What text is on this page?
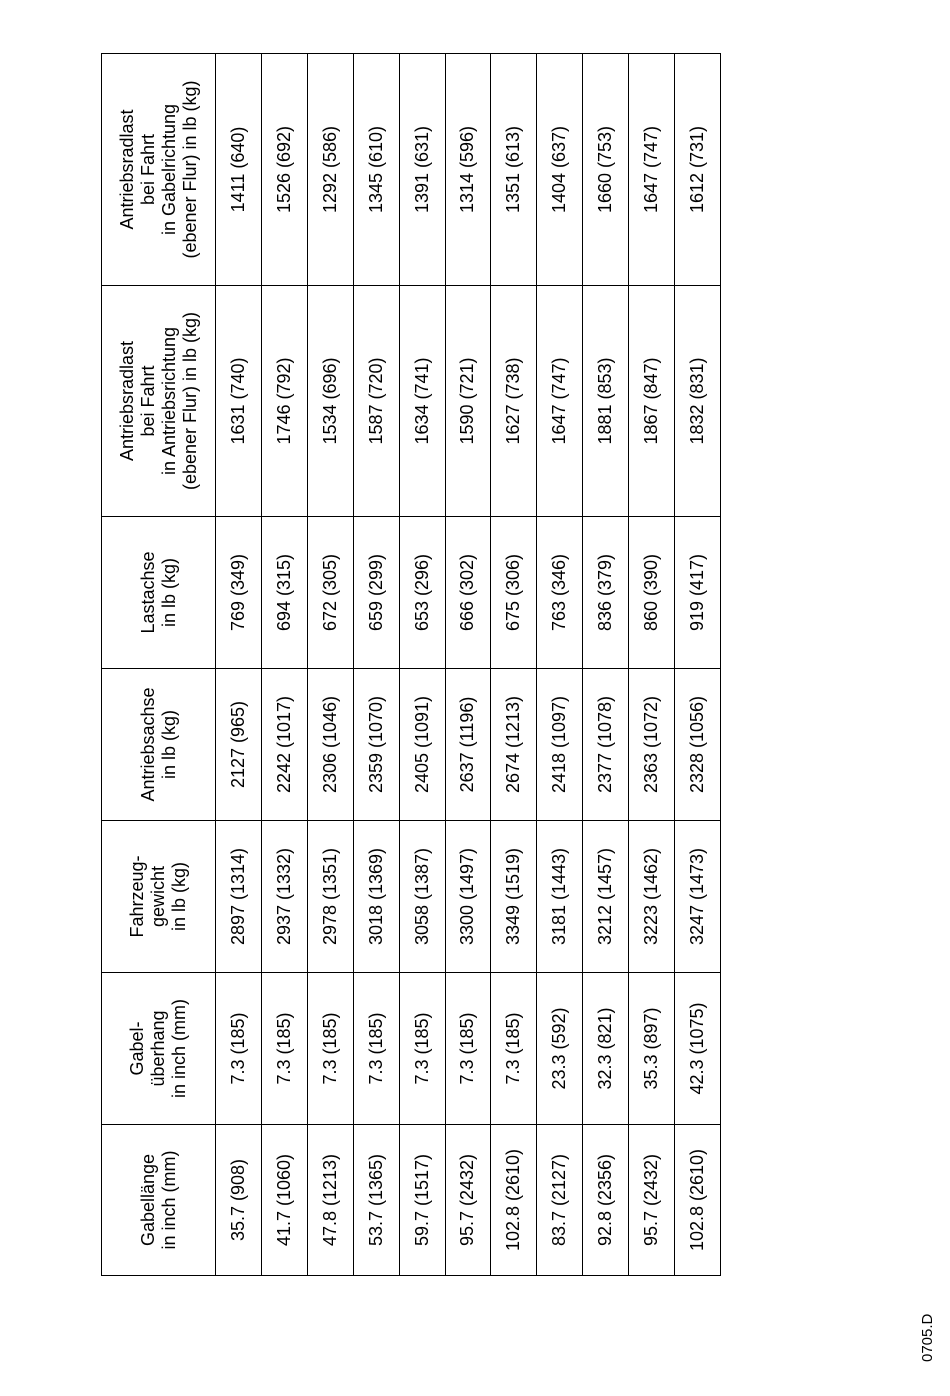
Gabellänge
in inch (mm)	Gabel-
überhang
in inch (mm)	Fahrzeug-
gewicht
in lb (kg)	Antriebsachse
in lb (kg)	Lastachse
in lb (kg)	Antriebsradlast
bei Fahrt
in Antriebsrichtung
(ebener Flur) in lb (kg)	Antriebsradlast
bei Fahrt
in Gabelrichtung
(ebener Flur) in lb (kg)
35.7 (908)	7.3 (185)	2897 (1314)	2127 (965)	769 (349)	1631 (740)	1411 (640)
41.7 (1060)	7.3 (185)	2937 (1332)	2242 (1017)	694 (315)	1746 (792)	1526 (692)
47.8 (1213)	7.3 (185)	2978 (1351)	2306 (1046)	672 (305)	1534 (696)	1292 (586)
53.7 (1365)	7.3 (185)	3018 (1369)	2359 (1070)	659 (299)	1587 (720)	1345 (610)
59.7 (1517)	7.3 (185)	3058 (1387)	2405 (1091)	653 (296)	1634 (741)	1391 (631)
95.7 (2432)	7.3 (185)	3300 (1497)	2637 (1196)	666 (302)	1590 (721)	1314 (596)
102.8 (2610)	7.3 (185)	3349 (1519)	2674 (1213)	675 (306)	1627 (738)	1351 (613)
83.7 (2127)	23.3 (592)	3181 (1443)	2418 (1097)	763 (346)	1647 (747)	1404 (637)
92.8 (2356)	32.3 (821)	3212 (1457)	2377 (1078)	836 (379)	1881 (853)	1660 (753)
95.7 (2432)	35.3 (897)	3223 (1462)	2363 (1072)	860 (390)	1867 (847)	1647 (747)
102.8 (2610)	42.3 (1075)	3247 (1473)	2328 (1056)	919 (417)	1832 (831)	1612 (731)
0705.D
